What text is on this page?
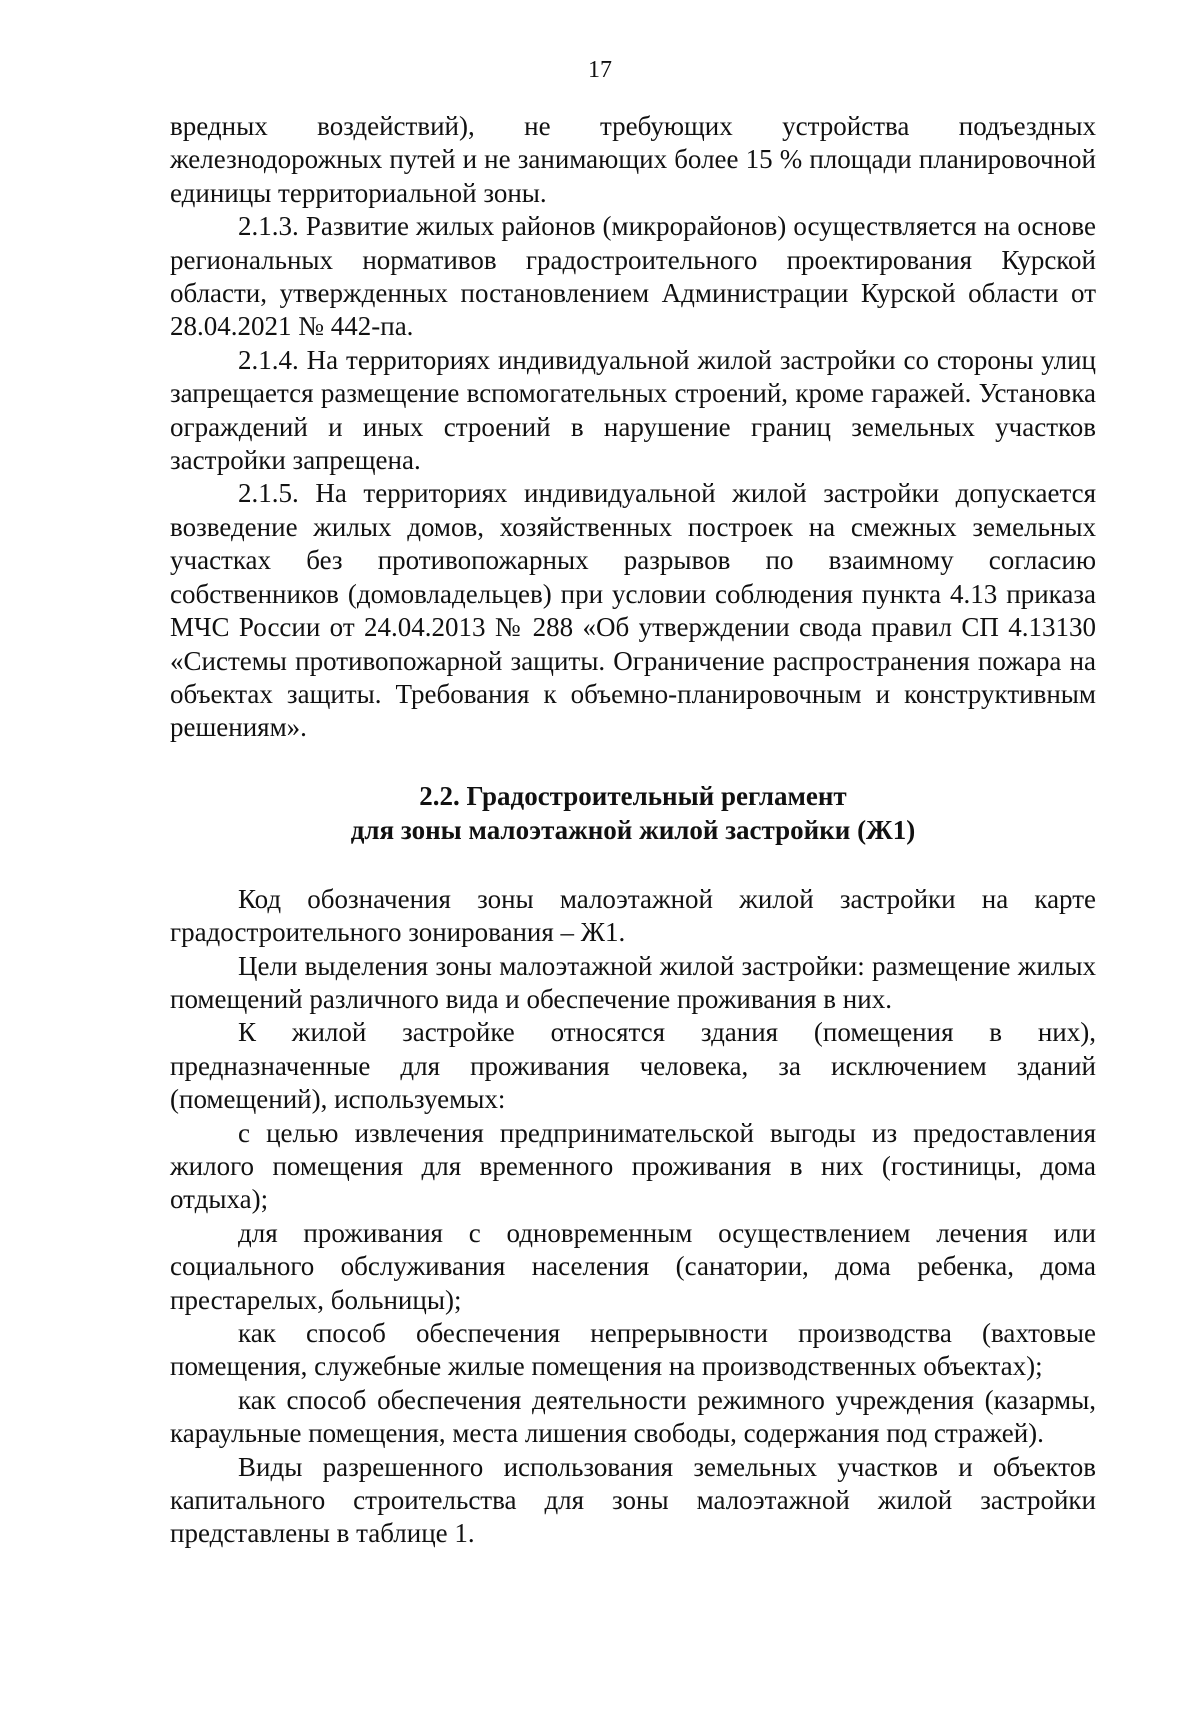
17

вредных воздействий), не требующих устройства подъездных железнодорожных путей и не занимающих более 15 % площади планировочной единицы территориальной зоны.

2.1.3. Развитие жилых районов (микрорайонов) осуществляется на основе региональных нормативов градостроительного проектирования Курской области, утвержденных постановлением Администрации Курской области от 28.04.2021 № 442-па.

2.1.4. На территориях индивидуальной жилой застройки со стороны улиц запрещается размещение вспомогательных строений, кроме гаражей. Установка ограждений и иных строений в нарушение границ земельных участков застройки запрещена.

2.1.5. На территориях индивидуальной жилой застройки допускается возведение жилых домов, хозяйственных построек на смежных земельных участках без противопожарных разрывов по взаимному согласию собственников (домовладельцев) при условии соблюдения пункта 4.13 приказа МЧС России от 24.04.2013 № 288 «Об утверждении свода правил СП 4.13130 «Системы противопожарной защиты. Ограничение распространения пожара на объектах защиты. Требования к объемно-планировочным и конструктивным решениям».

2.2. Градостроительный регламент
для зоны малоэтажной жилой застройки (Ж1)

Код обозначения зоны малоэтажной жилой застройки на карте градостроительного зонирования – Ж1.

Цели выделения зоны малоэтажной жилой застройки: размещение жилых помещений различного вида и обеспечение проживания в них.

К жилой застройке относятся здания (помещения в них), предназначенные для проживания человека, за исключением зданий (помещений), используемых:

с целью извлечения предпринимательской выгоды из предоставления жилого помещения для временного проживания в них (гостиницы, дома отдыха);

для проживания с одновременным осуществлением лечения или социального обслуживания населения (санатории, дома ребенка, дома престарелых, больницы);

как способ обеспечения непрерывности производства (вахтовые помещения, служебные жилые помещения на производственных объектах);

как способ обеспечения деятельности режимного учреждения (казармы, караульные помещения, места лишения свободы, содержания под стражей).

Виды разрешенного использования земельных участков и объектов капитального строительства для зоны малоэтажной жилой застройки представлены в таблице 1.
